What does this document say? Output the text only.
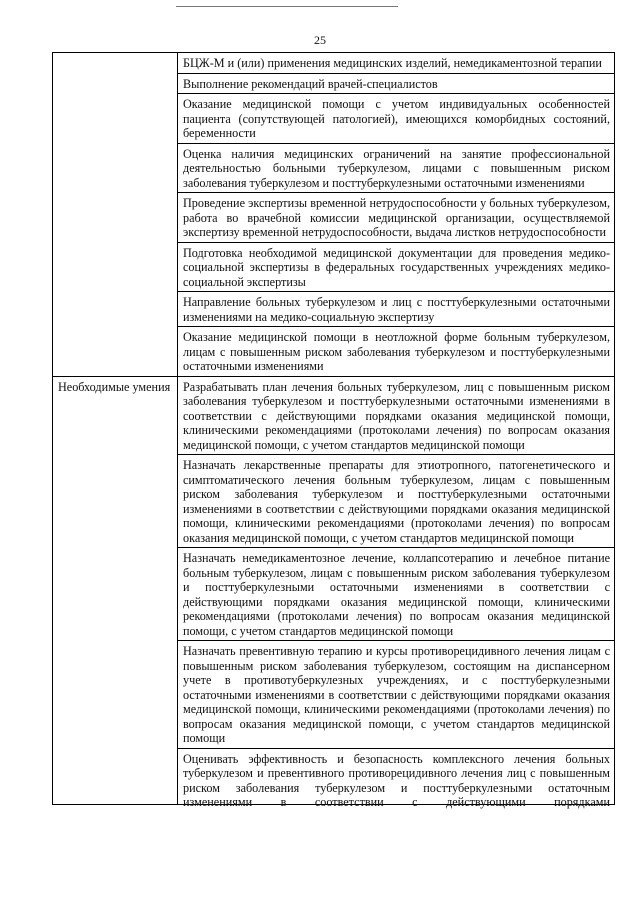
25
	БЦЖ-М и (или) применения медицинских изделий, немедикаментозной терапии
	Выполнение рекомендаций врачей-специалистов
	Оказание медицинской помощи с учетом индивидуальных особенностей пациента (сопутствующей патологией), имеющихся коморбидных состояний, беременности
	Оценка наличия медицинских ограничений на занятие профессиональной деятельностью больными туберкулезом, лицами с повышенным риском заболевания туберкулезом и посттуберкулезными остаточными изменениями
	Проведение экспертизы временной нетрудоспособности у больных туберкулезом, работа во врачебной комиссии медицинской организации, осуществляемой экспертизу временной нетрудоспособности, выдача листков нетрудоспособности
	Подготовка необходимой медицинской документации для проведения медико-социальной экспертизы в федеральных государственных учреждениях медико-социальной экспертизы
	Направление больных туберкулезом и лиц с посттуберкулезными остаточными изменениями на медико-социальную экспертизу
	Оказание медицинской помощи в неотложной форме больным туберкулезом, лицам с повышенным риском заболевания туберкулезом и посттуберкулезными остаточными изменениями
Необходимые умения	Разрабатывать план лечения больных туберкулезом, лиц с повышенным риском заболевания туберкулезом и посттуберкулезными остаточными изменениями в соответствии с действующими порядками оказания медицинской помощи, клиническими рекомендациями (протоколами лечения) по вопросам оказания медицинской помощи, с учетом стандартов медицинской помощи
	Назначать лекарственные препараты для этиотропного, патогенетического и симптоматического лечения больным туберкулезом, лицам с повышенным риском заболевания туберкулезом и посттуберкулезными остаточными изменениями в соответствии с действующими порядками оказания медицинской помощи, клиническими рекомендациями (протоколами лечения) по вопросам оказания медицинской помощи, с учетом стандартов медицинской помощи
	Назначать немедикаментозное лечение, коллапсотерапию и лечебное питание больным туберкулезом, лицам с повышенным риском заболевания туберкулезом и посттуберкулезными остаточными изменениями в соответствии с действующими порядками оказания медицинской помощи, клиническими рекомендациями (протоколами лечения) по вопросам оказания медицинской помощи, с учетом стандартов медицинской помощи
	Назначать превентивную терапию и курсы противорецидивного лечения лицам с повышенным риском заболевания туберкулезом, состоящим на диспансерном учете в противотуберкулезных учреждениях, и с посттуберкулезными остаточными изменениями в соответствии с действующими порядками оказания медицинской помощи, клиническими рекомендациями (протоколами лечения) по вопросам оказания медицинской помощи, с учетом стандартов медицинской помощи

	Оценивать эффективность и безопасность комплексного лечения больных туберкулезом и превентивного противорецидивного лечения лиц с повышенным риском заболевания туберкулезом и посттуберкулезными остаточным изменениями в соответствии с действующими порядками
